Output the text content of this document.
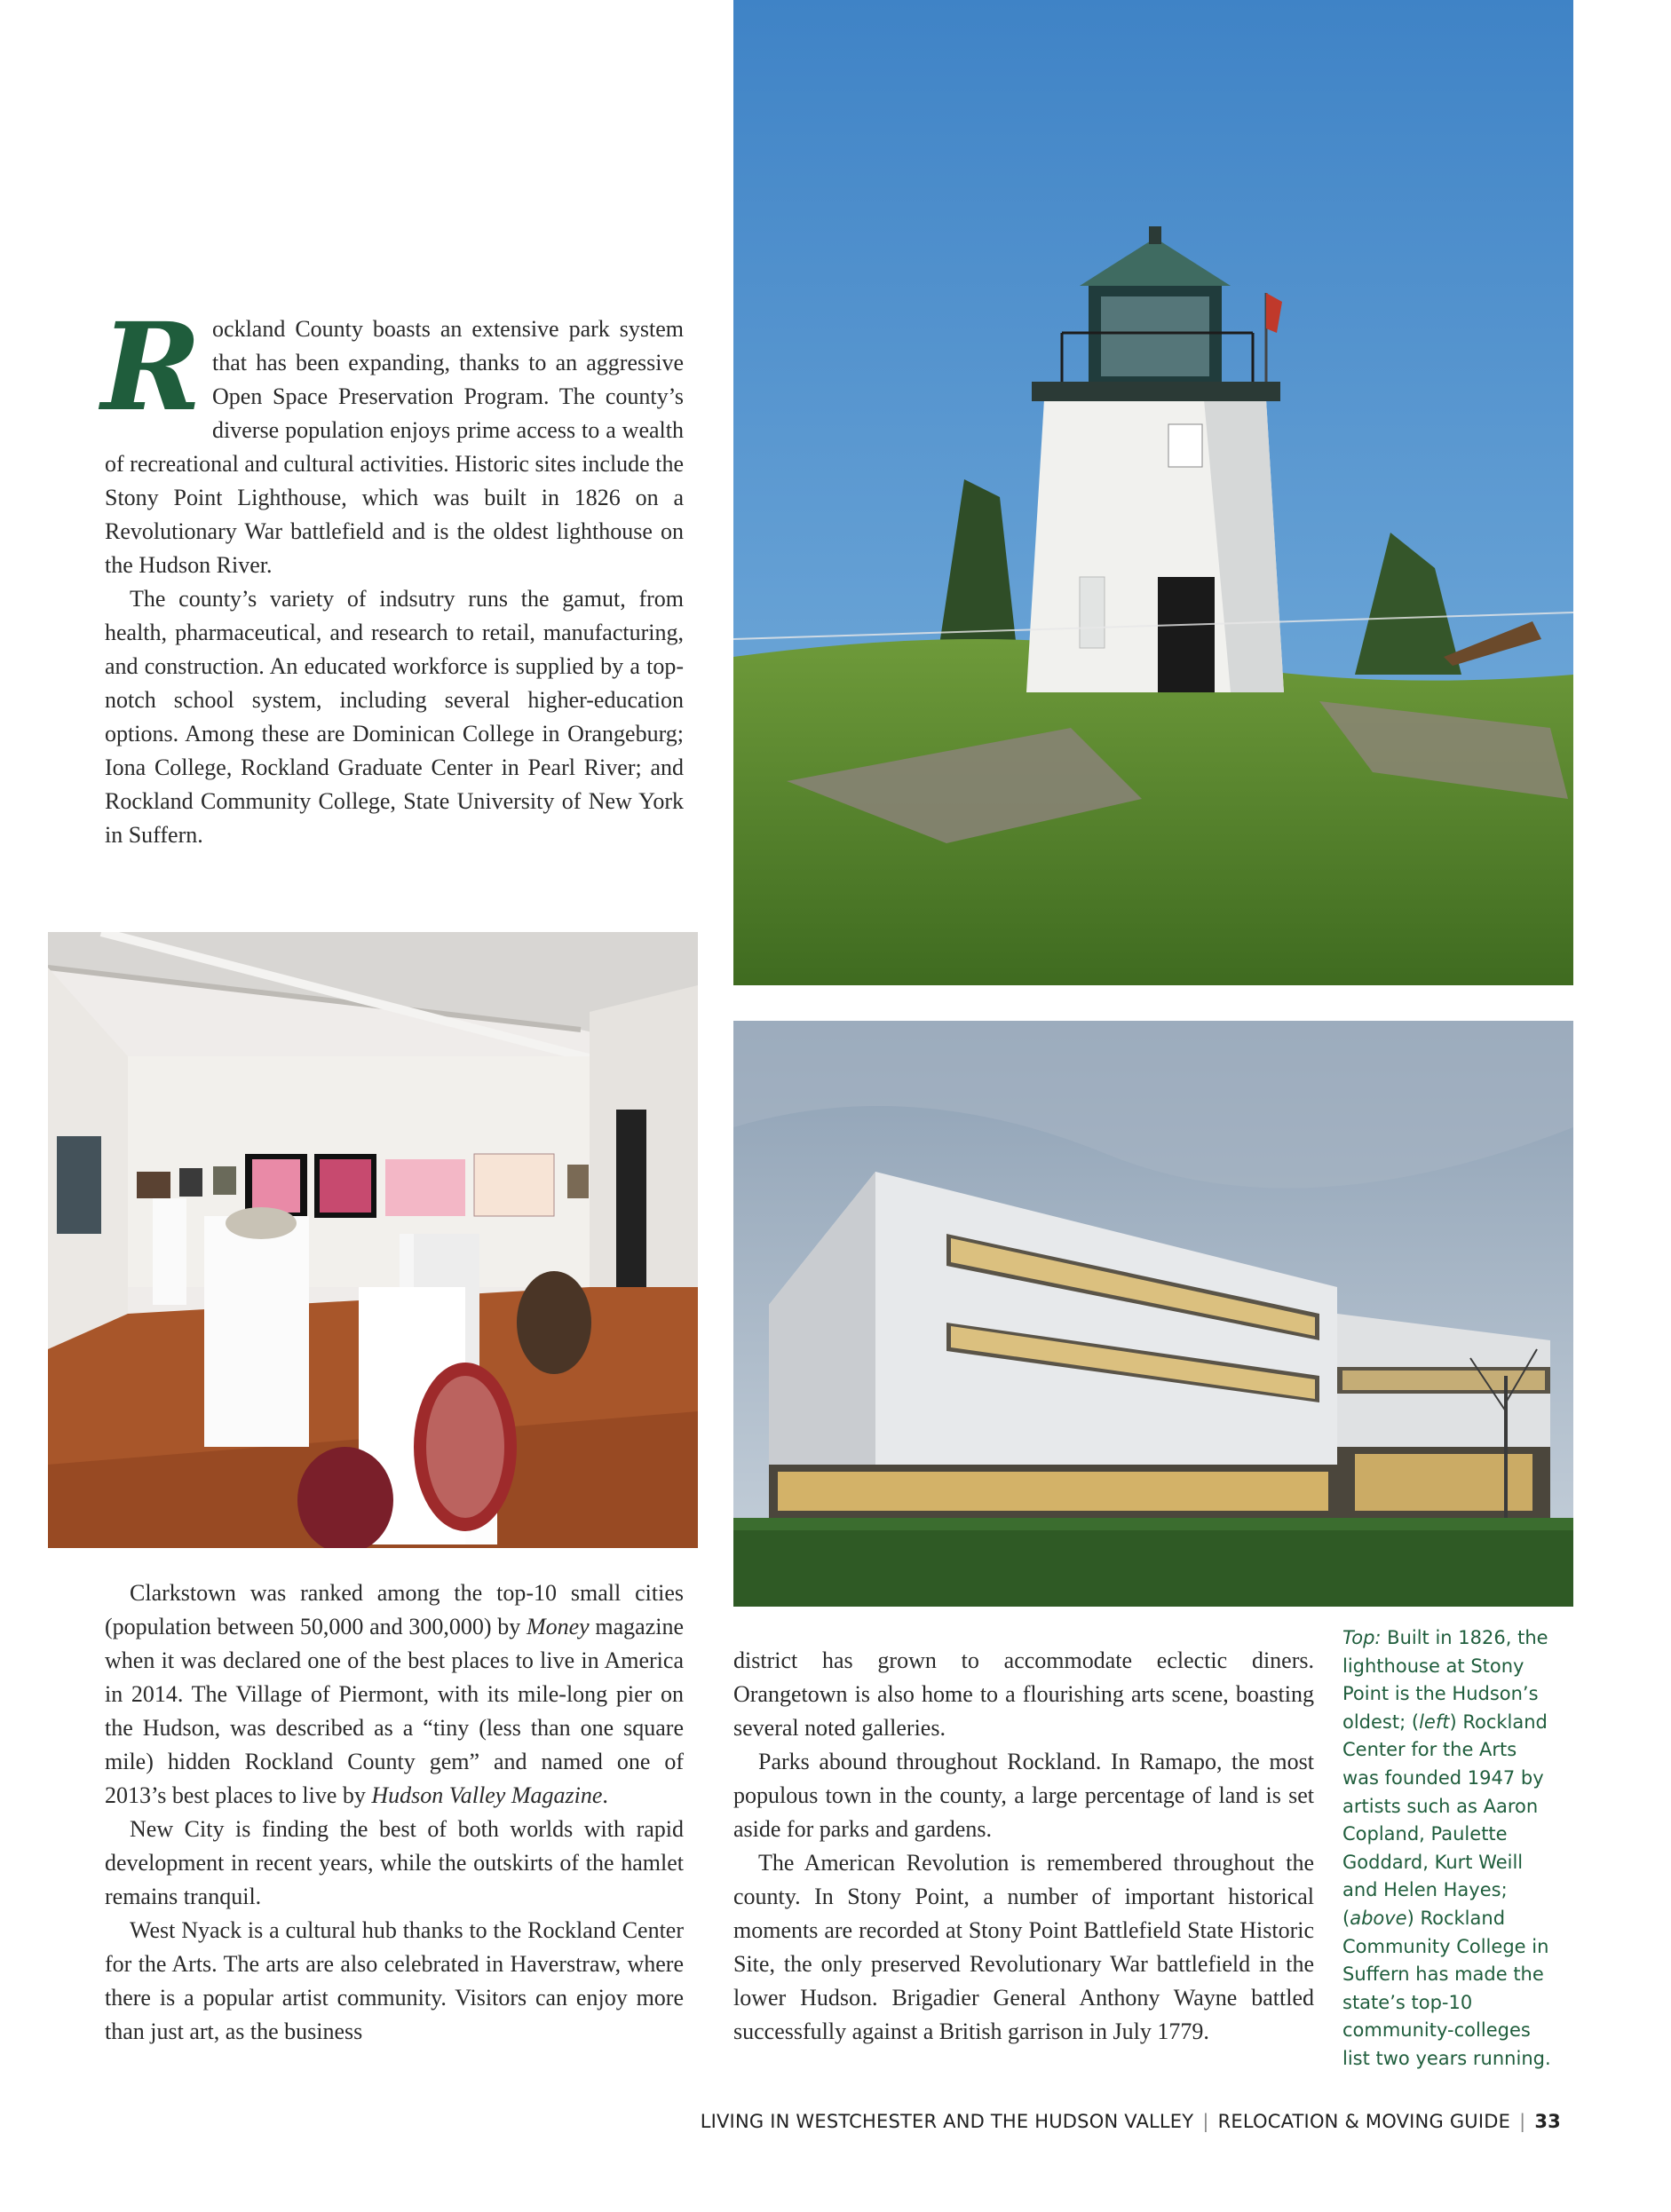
Rockland County boasts an extensive park system that has been expanding, thanks to an aggressive Open Space Preservation Program. The county’s diverse population enjoys prime access to a wealth of recreational and cultural activities. Historic sites include the Stony Point Lighthouse, which was built in 1826 on a Revolutionary War battlefield and is the oldest lighthouse on the Hudson River.

The county’s variety of indsutry runs the gamut, from health, pharmaceutical, and research to retail, manufacturing, and construction. An educated workforce is supplied by a top-notch school system, including several higher-education options. Among these are Dominican College in Orangeburg; Iona College, Rockland Graduate Center in Pearl River; and Rockland Community College, State University of New York in Suffern.

Clarkstown was ranked among the top-10 small cities (population between 50,000 and 300,000) by Money magazine when it was declared one of the best places to live in America in 2014. The Village of Piermont, with its mile-long pier on the Hudson, was described as a “tiny (less than one square mile) hidden Rockland County gem” and named one of 2013’s best places to live by Hudson Valley Magazine.

New City is finding the best of both worlds with rapid development in recent years, while the outskirts of the hamlet remains tranquil.

West Nyack is a cultural hub thanks to the Rockland Center for the Arts. The arts are also celebrated in Haverstraw, where there is a popular artist community. Visitors can enjoy more than just art, as the business

district has grown to accommodate eclectic diners. Orangetown is also home to a flourishing arts scene, boasting several noted galleries.

Parks abound throughout Rockland. In Ramapo, the most populous town in the county, a large percentage of land is set aside for parks and gardens.

The American Revolution is remembered throughout the county. In Stony Point, a number of important historical moments are recorded at Stony Point Battlefield State Historic Site, the only preserved Revolutionary War battlefield in the lower Hudson. Brigadier General Anthony Wayne battled successfully against a British garrison in July 1779.

Top: Built in 1826, the lighthouse at Stony Point is the Hudson’s oldest; (left) Rockland Center for the Arts was founded 1947 by artists such as Aaron Copland, Paulette Goddard, Kurt Weill and Helen Hayes; (above) Rockland Community College in Suffern has made the state’s top-10 community-colleges list two years running.
LIVING IN WESTCHESTER AND THE HUDSON VALLEY | RELOCATION & MOVING GUIDE | 33
